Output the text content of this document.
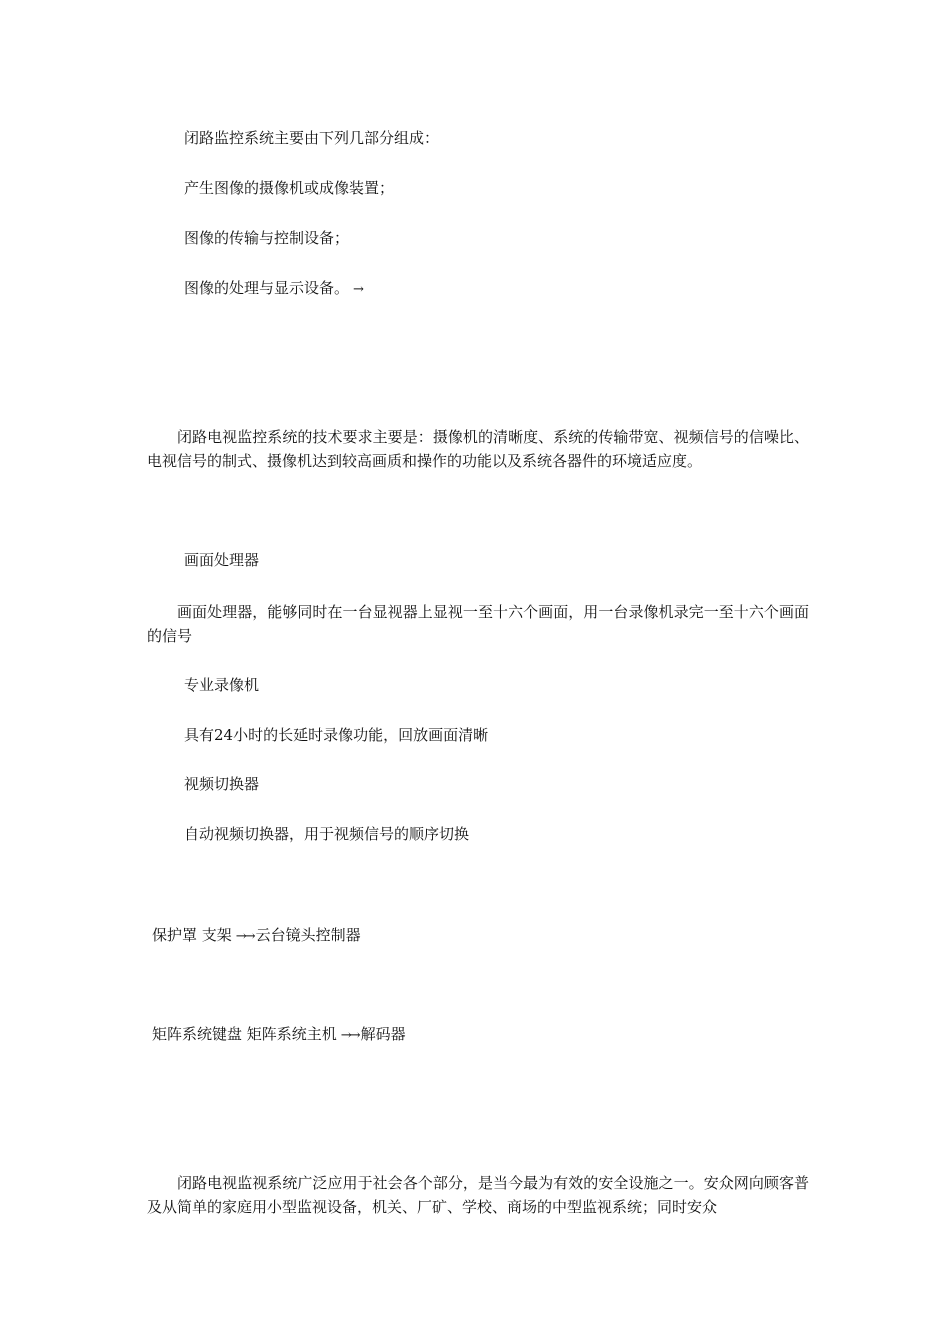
闭路监控系统主要由下列几部分组成：
产生图像的摄像机或成像装置；
图像的传输与控制设备；
图像的处理与显示设备。 →
闭路电视监控系统的技术要求主要是：摄像机的清晰度、系统的传输带宽、视频信号的信噪比、电视信号的制式、摄像机达到较高画质和操作的功能以及系统各器件的环境适应度。
画面处理器
画面处理器，能够同时在一台显视器上显视一至十六个画面，用一台录像机录完一至十六个画面的信号
专业录像机
具有24小时的长延时录像功能，回放画面清晰
视频切换器
自动视频切换器，用于视频信号的顺序切换
保护罩 支架 →→ 云台镜头控制器
矩阵系统键盘 矩阵系统主机 →→ 解码器
闭路电视监视系统广泛应用于社会各个部分，是当今最为有效的安全设施之一。安众网向顾客普及从简单的家庭用小型监视设备，机关、厂矿、学校、商场的中型监视系统；同时安众
